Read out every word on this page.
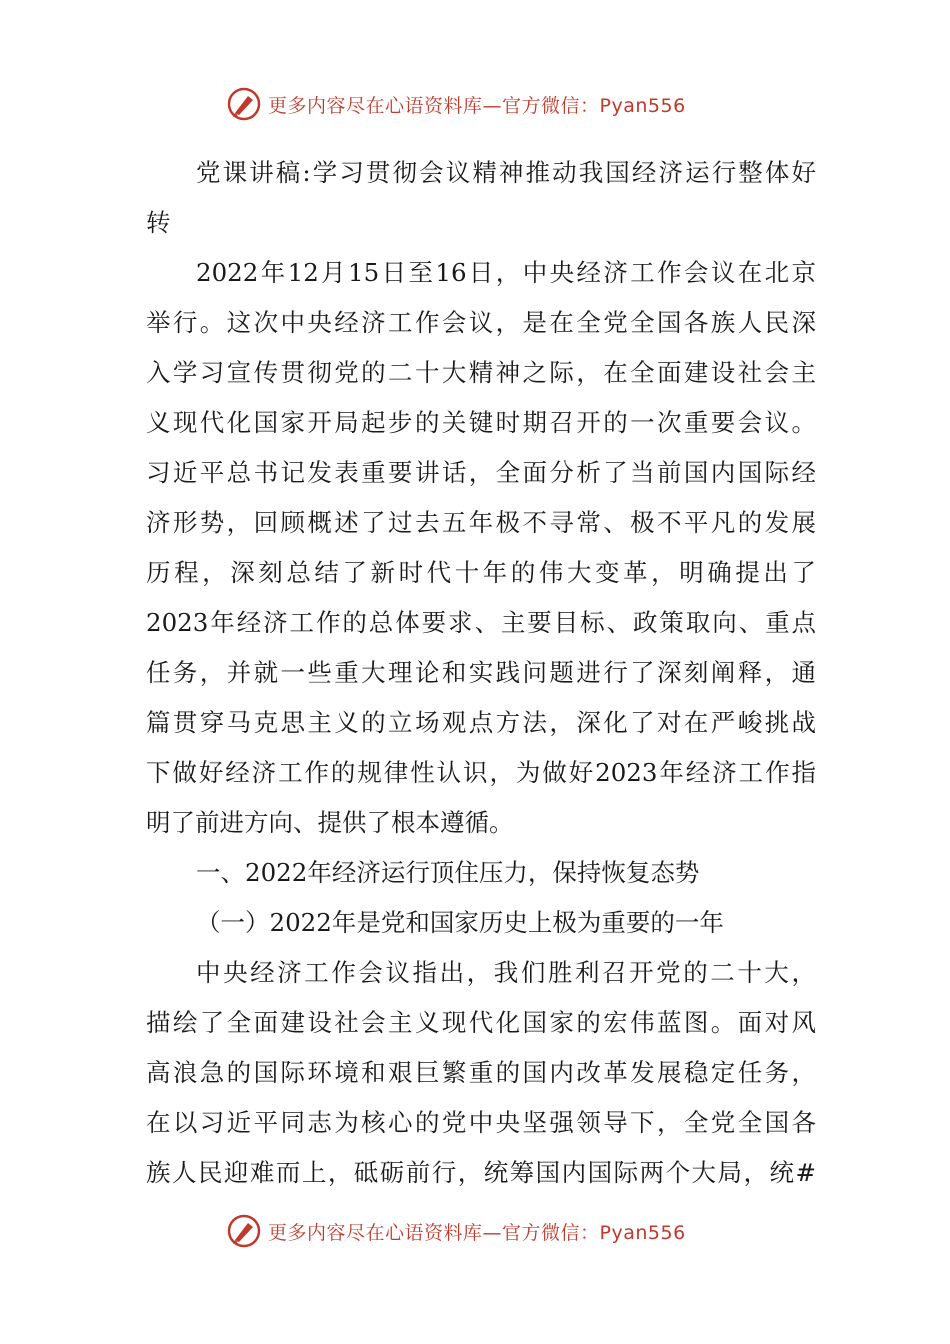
更多内容尽在心语资料库—官方微信：Pyan556
党课讲稿:学习贯彻会议精神推动我国经济运行整体好
转
2022年12月15日至16日，中央经济工作会议在北京
举行。这次中央经济工作会议，是在全党全国各族人民深
入学习宣传贯彻党的二十大精神之际，在全面建设社会主
义现代化国家开局起步的关键时期召开的一次重要会议。
习近平总书记发表重要讲话，全面分析了当前国内国际经
济形势，回顾概述了过去五年极不寻常、极不平凡的发展
历程，深刻总结了新时代十年的伟大变革，明确提出了
2023年经济工作的总体要求、主要目标、政策取向、重点
任务，并就一些重大理论和实践问题进行了深刻阐释，通
篇贯穿马克思主义的立场观点方法，深化了对在严峻挑战
下做好经济工作的规律性认识，为做好2023年经济工作指
明了前进方向、提供了根本遵循。
一、2022年经济运行顶住压力，保持恢复态势
（一）2022年是党和国家历史上极为重要的一年
中央经济工作会议指出，我们胜利召开党的二十大，
描绘了全面建设社会主义现代化国家的宏伟蓝图。面对风
高浪急的国际环境和艰巨繁重的国内改革发展稳定任务，
在以习近平同志为核心的党中央坚强领导下，全党全国各
族人民迎难而上，砥砺前行，统筹国内国际两个大局，统#
更多内容尽在心语资料库—官方微信：Pyan556
